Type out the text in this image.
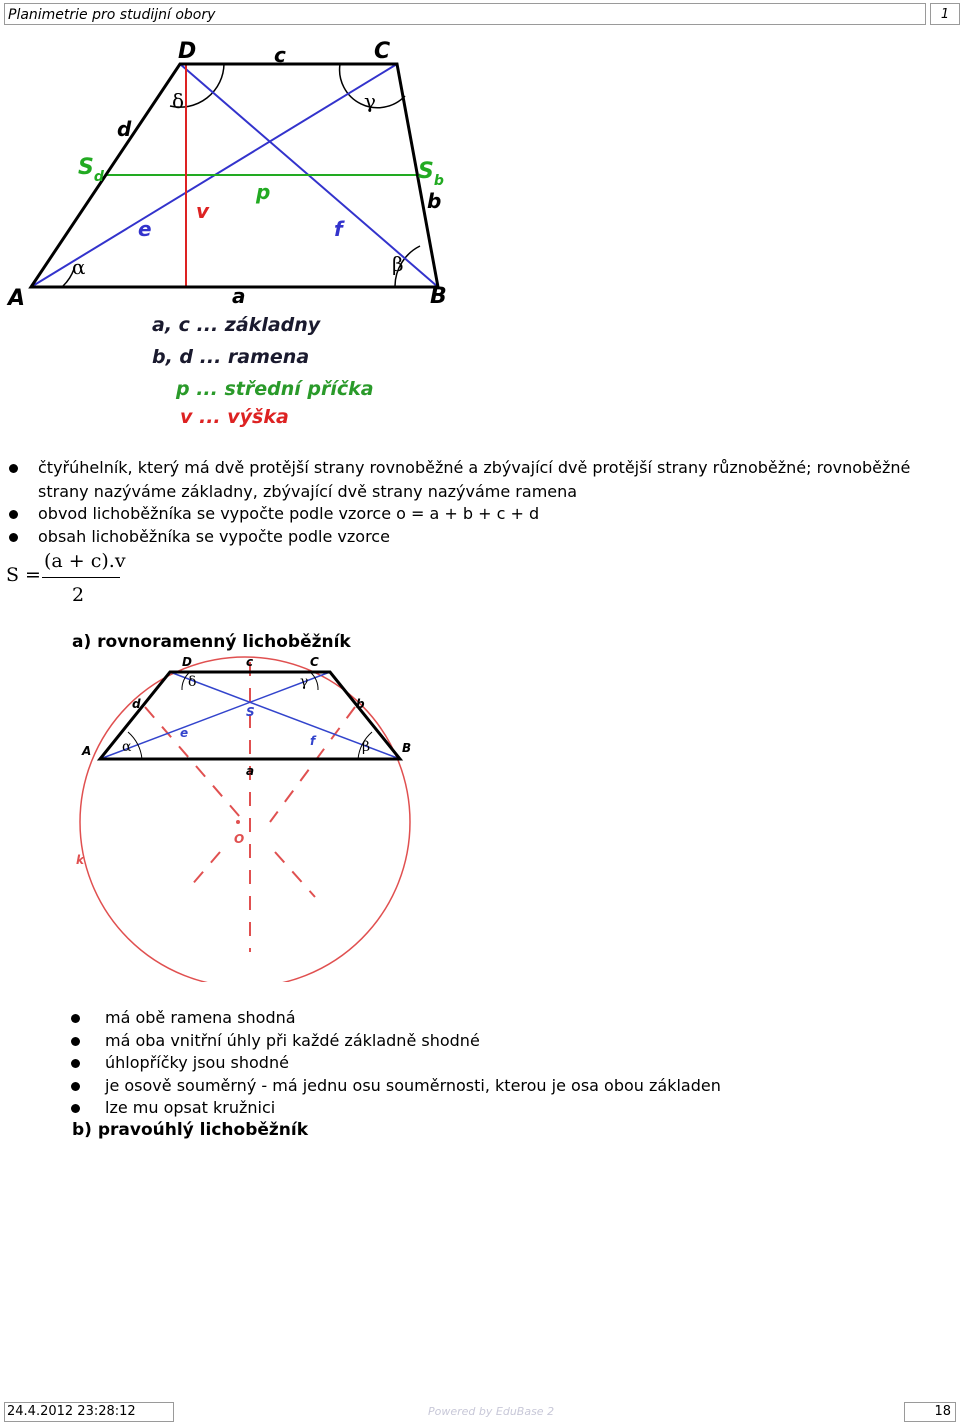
Planimetrie pro studijní obory	1
A	B
C
D
a
b
c
d
e	f
v
p
$S_d$	$S_b$
α	β
γ
δ
a, c ... základny
b, d ... ramena
p ... střední příčka
v ... výška
čtyřúhelník, který má dvě protější strany rovnoběžné a zbývající dvě protější strany různoběžné; rovnoběžné
strany nazýváme základny, zbývající dvě strany nazýváme ramena
obvod lichoběžníka se vypočte podle vzorce o = a + b + c + d
obsah lichoběžníka se vypočte podle vzorce
S =
(a + c).v
2
a) rovnoramenný lichoběžník
A	B
C
D
a
b
c
d
e
f
S
O
k
α	β
γ
δ
má obě ramena shodná
má oba vnitřní úhly při každé základně shodné
úhlopříčky jsou shodné
je osově souměrný - má jednu osu souměrnosti, kterou je osa obou základen
lze mu opsat kružnici
b) pravoúhlý lichoběžník
24.4.2012 23:28:12	Powered by EduBase 2	18
